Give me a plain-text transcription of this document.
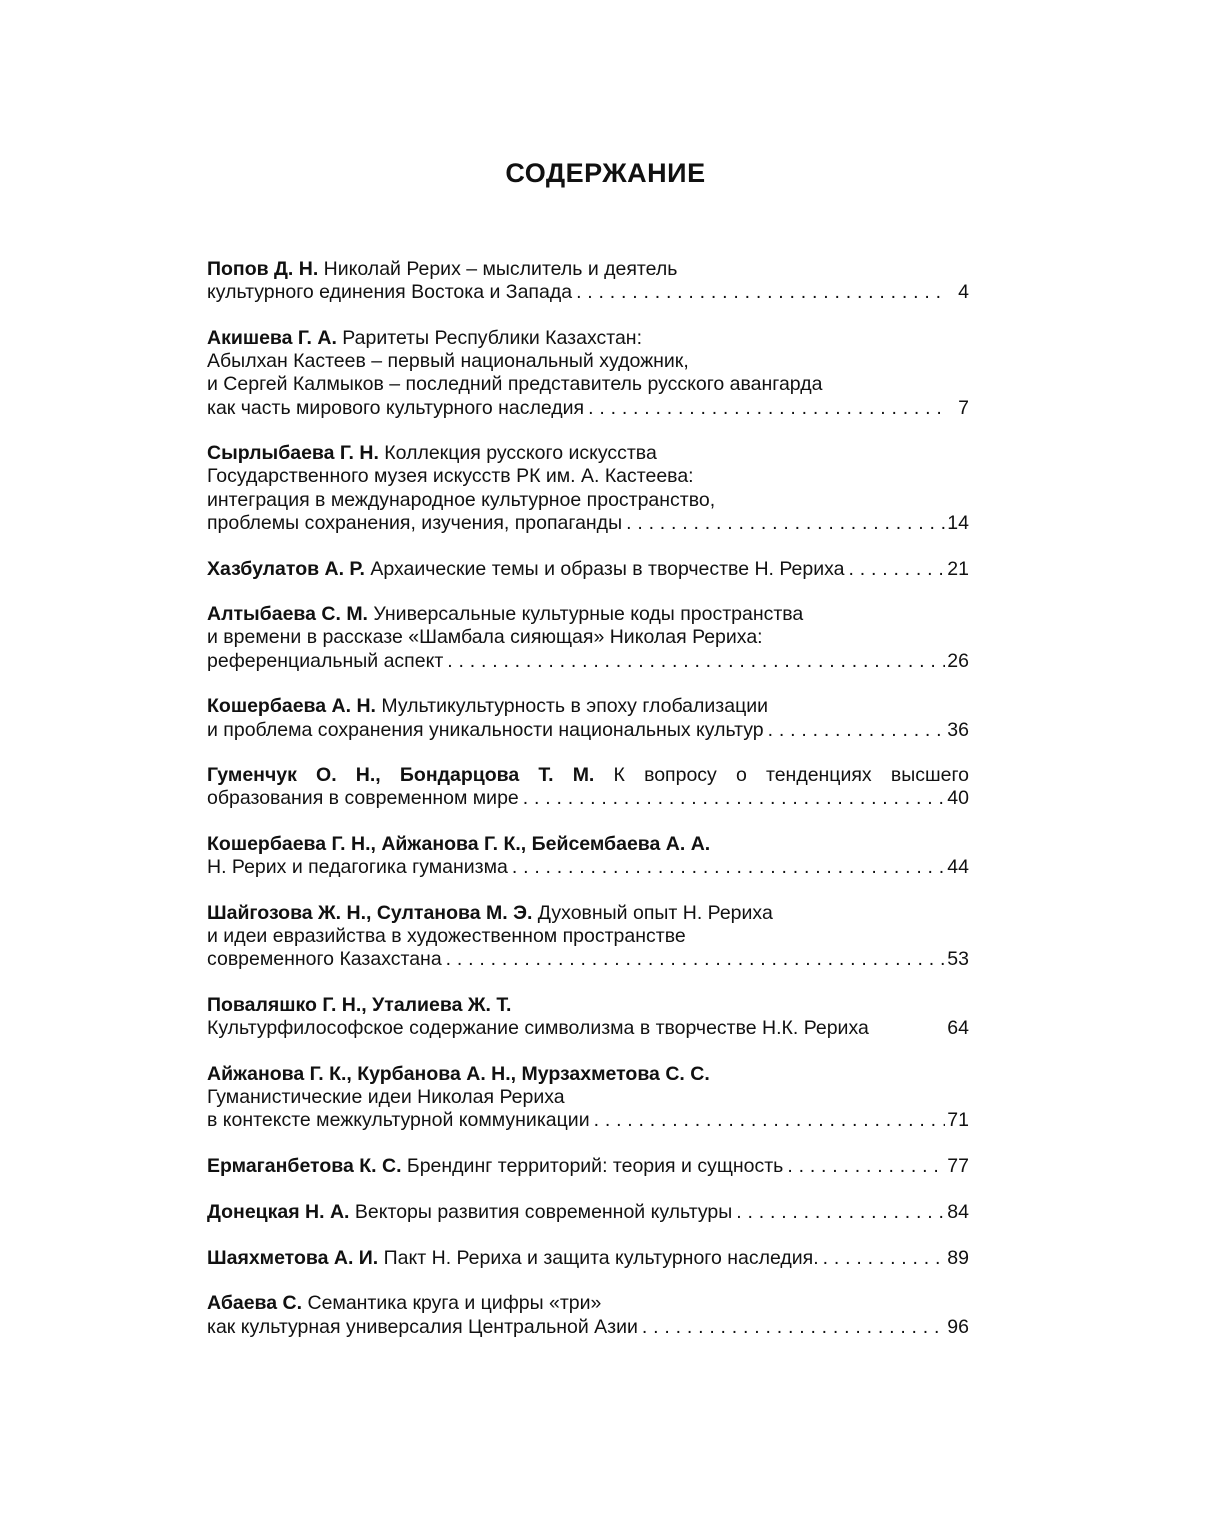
СОДЕРЖАНИЕ
Попов Д. Н. Николай Рерих – мыслитель и деятель
культурного единения Востока и Запада . . .	4
Акишева Г. А. Раритеты Республики Казахстан:
Абылхан Кастеев – первый национальный художник,
и Сергей Калмыков – последний представитель русского авангарда
как часть мирового культурного наследия . . .	7
Сырлыбаева Г. Н. Коллекция русского искусства
Государственного музея искусств РК им. А. Кастеева:
интеграция в международное культурное пространство,
проблемы сохранения, изучения, пропаганды . . .	14
Хазбулатов А. Р. Архаические темы и образы в творчестве Н. Рериха . . .	21
Алтыбаева С. М. Универсальные культурные коды пространства
и времени в рассказе «Шамбала сияющая» Николая Рериха:
референциальный аспект . . .	26
Кошербаева А. Н. Мультикультурность в эпоху глобализации
и проблема сохранения уникальности национальных культур . . .	36
Гуменчук О. Н., Бондарцова Т. М. К вопросу о тенденциях высшего
образования в современном мире . . .	40
Кошербаева Г. Н., Айжанова Г. К., Бейсембаева А. А.
Н. Рерих и педагогика гуманизма . . .	44
Шайгозова Ж. Н., Султанова М. Э. Духовный опыт Н. Рериха
и идеи евразийства в художественном пространстве
современного Казахстана . . .	53
Поваляшко Г. Н., Уталиева Ж. Т.
Культурфилософское содержание символизма в творчестве Н.К. Рериха	64
Айжанова Г. К., Курбанова А. Н., Мурзахметова С. С.
Гуманистические идеи Николая Рериха
в контексте межкультурной коммуникации . . .	71
Ермаганбетова К. С. Брендинг территорий: теория и сущность . . .	77
Донецкая Н. А. Векторы развития современной культуры . . .	84
Шаяхметова А. И. Пакт Н. Рериха и защита культурного наследия. . . .	89
Абаева С. Семантика круга и цифры «три»
как культурная универсалия Центральной Азии . . .	96
